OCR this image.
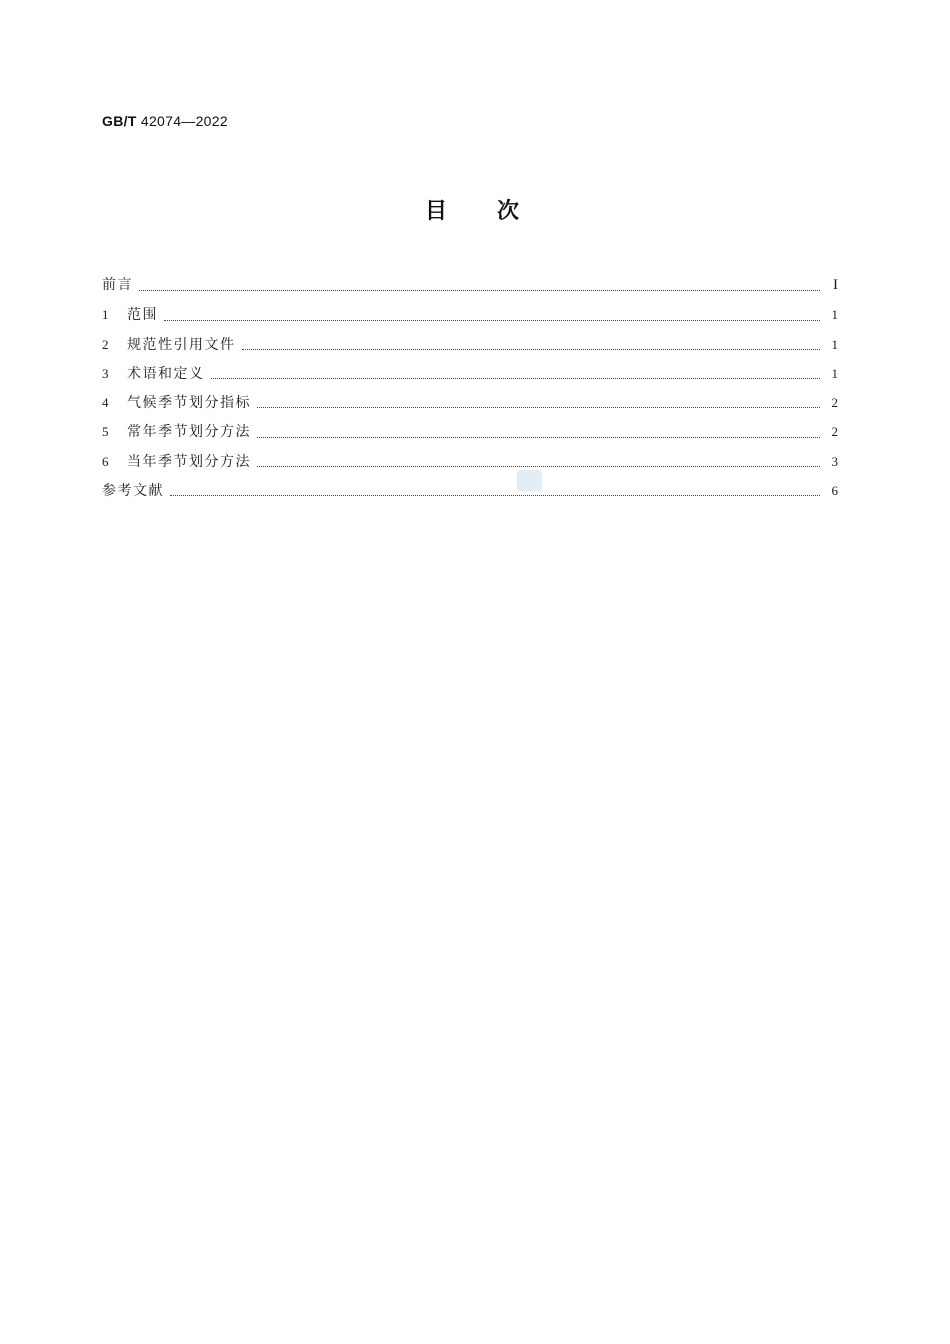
GB/T 42074—2022
目次
前言	I
1	范围	1
2	规范性引用文件	1
3	术语和定义	1
4	气候季节划分指标	2
5	常年季节划分方法	2
6	当年季节划分方法	3
参考文献	6
